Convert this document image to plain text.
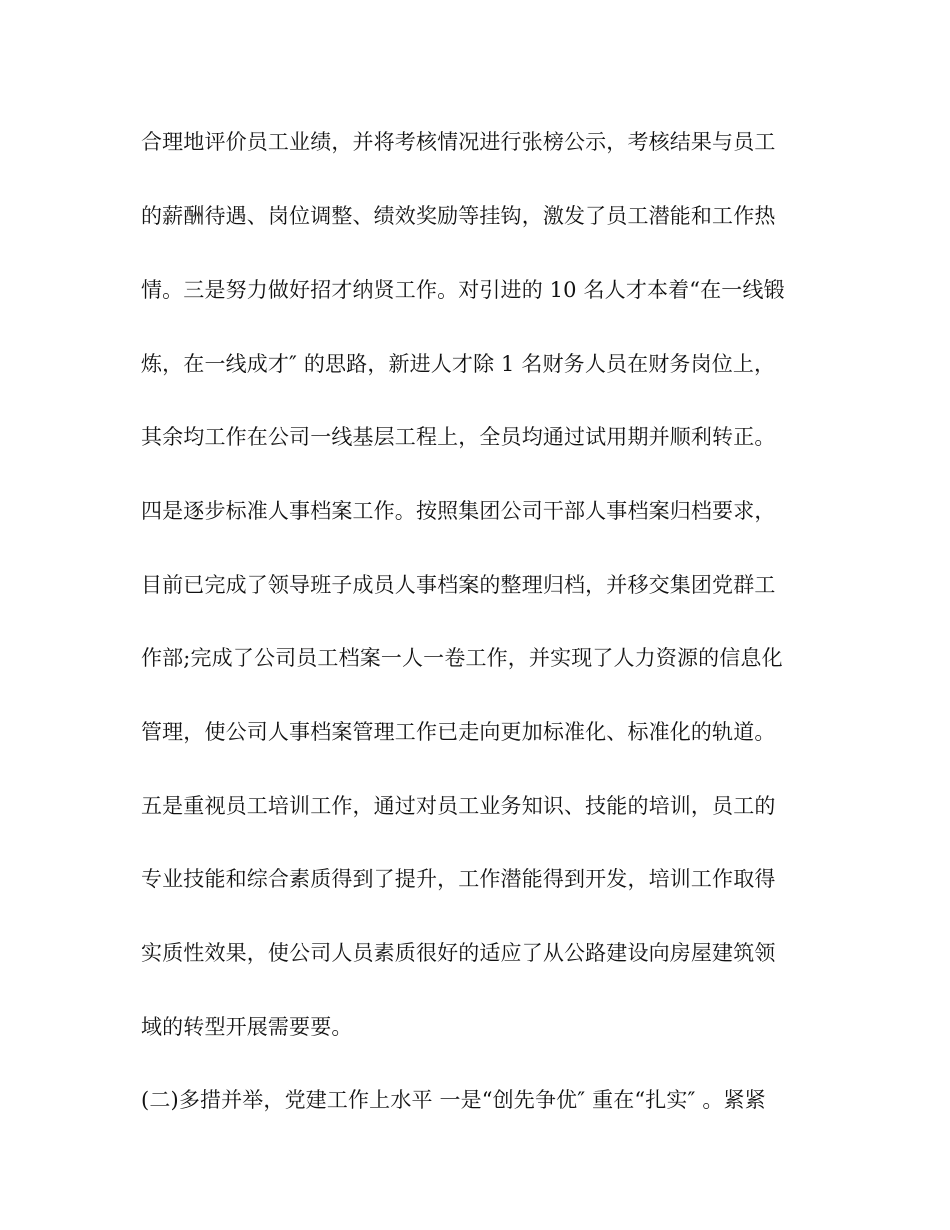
合理地评价员工业绩，并将考核情况进行张榜公示，考核结果与员工

的薪酬待遇、岗位调整、绩效奖励等挂钩，激发了员工潜能和工作热

情。三是努力做好招才纳贤工作。对引进的 10 名人才本着“在一线锻

炼，在一线成才″ 的思路，新进人才除 1 名财务人员在财务岗位上，

其余均工作在公司一线基层工程上，全员均通过试用期并顺利转正。

四是逐步标准人事档案工作。按照集团公司干部人事档案归档要求，

目前已完成了领导班子成员人事档案的整理归档，并移交集团党群工

作部;完成了公司员工档案一人一卷工作，并实现了人力资源的信息化

管理，使公司人事档案管理工作已走向更加标准化、标准化的轨道。

五是重视员工培训工作，通过对员工业务知识、技能的培训，员工的

专业技能和综合素质得到了提升，工作潜能得到开发，培训工作取得

实质性效果，使公司人员素质很好的适应了从公路建设向房屋建筑领

域的转型开展需要要。

(二)多措并举，党建工作上水平 一是“创先争优″ 重在“扎实″ 。紧紧
